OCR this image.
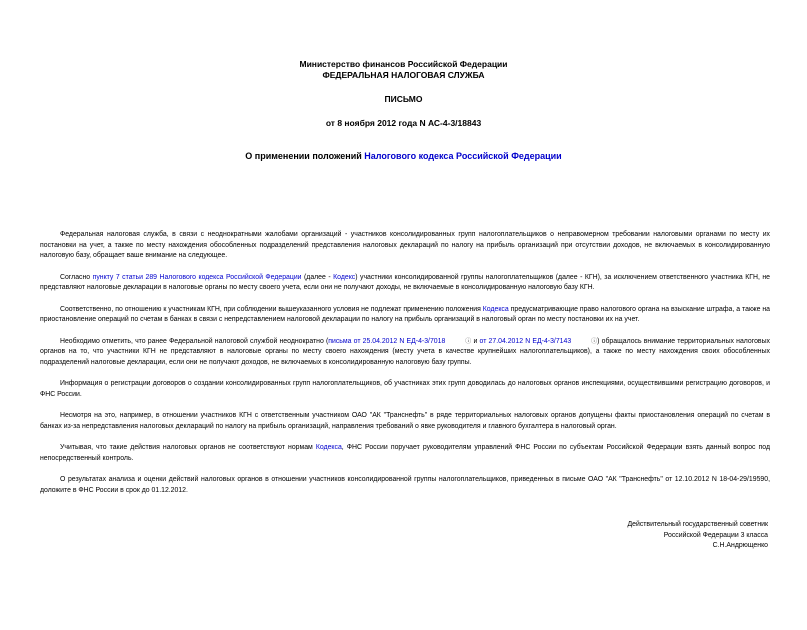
Министерство финансов Российской Федерации
ФЕДЕРАЛЬНАЯ НАЛОГОВАЯ СЛУЖБА
ПИСЬМО
от 8 ноября 2012 года N АС-4-3/18843
О применении положений Налогового кодекса Российской Федерации

Федеральная налоговая служба, в связи с неоднократными жалобами организаций - участников консолидированных групп налогоплательщиков о неправомерном требовании налоговыми органами по месту их постановки на учет, а также по месту нахождения обособленных подразделений представления налоговых деклараций по налогу на прибыль организаций при отсутствии доходов, не включаемых в консолидированную налоговую базу, обращает ваше внимание на следующее.

Согласно пункту 7 статьи 289 Налогового кодекса Российской Федерации (далее - Кодекс) участники консолидированной группы налогоплательщиков (далее - КГН), за исключением ответственного участника КГН, не представляют налоговые декларации в налоговые органы по месту своего учета, если они не получают доходы, не включаемые в консолидированную налоговую базу КГН.

Соответственно, по отношению к участникам КГН, при соблюдении вышеуказанного условия не подлежат применению положения Кодекса предусматривающие право налогового органа на взыскание штрафа, а также на приостановление операций по счетам в банках в связи с непредставлением налоговой декларации по налогу на прибыль организаций в налоговый орган по месту постановки их на учет.

Необходимо отметить, что ранее Федеральной налоговой службой неоднократно (письма от 25.04.2012 N ЕД-4-3/7018	ⓘ и от 27.04.2012 N ЕД-4-3/7143	ⓘ) обращалось внимание территориальных налоговых органов на то, что участники КГН не представляют в налоговые органы по месту своего нахождения (месту учета в качестве крупнейших налогоплательщиков), а также по месту нахождения своих обособленных подразделений налоговые декларации, если они не получают доходов, не включаемых в консолидированную налоговую базу группы.

Информация о регистрации договоров о создании консолидированных групп налогоплательщиков, об участниках этих групп доводилась до налоговых органов инспекциями, осуществившими регистрацию договоров, и ФНС России.

Несмотря на это, например, в отношении участников КГН с ответственным участником ОАО "АК "Транснефть" в ряде территориальных налоговых органов допущены факты приостановления операций по счетам в банках из-за непредставления налоговых деклараций по налогу на прибыль организаций, направления требований о явке руководителя и главного бухгалтера в налоговый орган.

Учитывая, что такие действия налоговых органов не соответствуют нормам Кодекса, ФНС России поручает руководителям управлений ФНС России по субъектам Российской Федерации взять данный вопрос под непосредственный контроль.

О результатах анализа и оценки действий налоговых органов в отношении участников консолидированной группы налогоплательщиков, приведенных в письме ОАО "АК "Транснефть" от 12.10.2012 N 18-04-29/19590, доложите в ФНС России в срок до 01.12.2012.

Действительный государственный советник
Российской Федерации 3 класса
С.Н.Андрющенко
